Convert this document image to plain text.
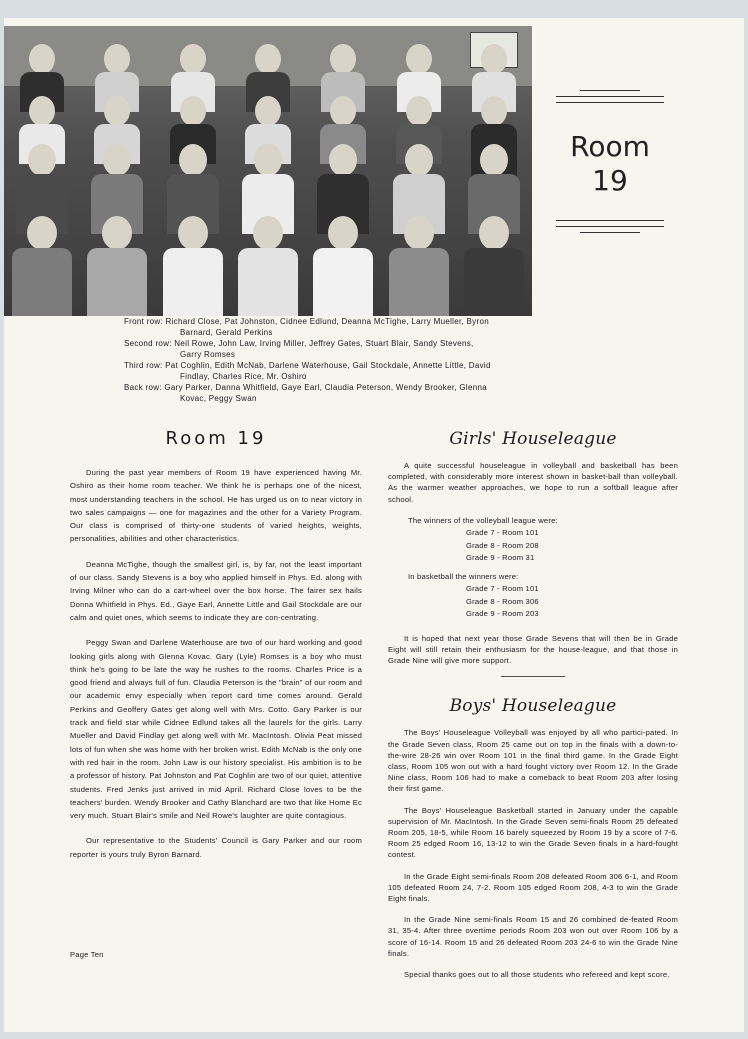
Room
19
Front row: Richard Close, Pat Johnston, Cidnee Edlund, Deanna McTighe, Larry Mueller, Byron
Barnard, Gerald Perkins
Second row: Neil Rowe, John Law, Irving Miller, Jeffrey Gates, Stuart Blair, Sandy Stevens,
Garry Romses
Third row: Pat Coghlin, Edith McNab, Darlene Waterhouse, Gail Stockdale, Annette Little, David
Findlay, Charles Rice, Mr. Oshiro
Back row: Gary Parker, Danna Whitfield, Gaye Earl, Claudia Peterson, Wendy Brooker, Glenna
Kovac, Peggy Swan
Room 19

During the past year members of Room 19 have experienced having Mr. Oshiro as their home room teacher. We think he is perhaps one of the nicest, most understanding teachers in the school. He has urged us on to near victory in two sales campaigns — one for magazines and the other for a Variety Program. Our class is comprised of thirty-one students of varied heights, weights, personalities, abilities and other characteristics.

Deanna McTighe, though the smallest girl, is, by far, not the least important of our class. Sandy Stevens is a boy who applied himself in Phys. Ed. along with Irving Milner who can do a cart-wheel over the box horse. The fairer sex hails Donna Whitfield in Phys. Ed., Gaye Earl, Annette Little and Gail Stockdale are our calm and quiet ones, which seems to indicate they are con-centrating.

Peggy Swan and Darlene Waterhouse are two of our hard working and good looking girls along with Glenna Kovac. Gary (Lyle) Romses is a boy who must think he's going to be late the way he rushes to the rooms. Charles Price is a good friend and always full of fun. Claudia Peterson is the "brain" of our room and our academic envy especially when report card time comes around. Gerald Perkins and Geoffery Gates get along well with Mrs. Cotto. Gary Parker is our track and field star while Cidnee Edlund takes all the laurels for the girls. Larry Mueller and David Findlay get along well with Mr. MacIntosh. Olivia Peat missed lots of fun when she was home with her broken wrist. Edith McNab is the only one with red hair in the room. John Law is our history specialist. His ambition is to be a professor of history. Pat Johnston and Pat Coghlin are two of our quiet, attentive students. Fred Jenks just arrived in mid April. Richard Close loves to be the teachers' burden. Wendy Brooker and Cathy Blanchard are two that like Home Ec very much. Stuart Blair's smile and Neil Rowe's laughter are quite contagious.

Our representative to the Students' Council is Gary Parker and our room reporter is yours truly Byron Barnard.

Girls' Houseleague

A quite successful houseleague in volleyball and basketball has been completed, with considerably more interest shown in basket-ball than volleyball. As the warmer weather approaches, we hope to run a softball league after school.

The winners of the volleyball league were:
Grade 7 - Room 101
Grade 8 - Room 208
Grade 9 - Room 31
In basketball the winners were:
Grade 7 - Room 101
Grade 8 - Room 306
Grade 9 - Room 203

It is hoped that next year those Grade Sevens that will then be in Grade Eight will still retain their enthusiasm for the house-league, and that those in Grade Nine will give more support.

Boys' Houseleague

The Boys' Houseleague Volleyball was enjoyed by all who partici-pated. In the Grade Seven class, Room 25 came out on top in the finals with a down-to-the-wire 28-26 win over Room 101 in the final third game. In the Grade Eight class, Room 105 won out with a hard fought victory over Room 12. In the Grade Nine class, Room 106 had to make a comeback to beat Room 203 after losing their first game.

The Boys' Houseleague Basketball started in January under the capable supervision of Mr. MacIntosh. In the Grade Seven semi-finals Room 25 defeated Room 205, 18-5, while Room 16 barely squeezed by Room 19 by a score of 7-6. Room 25 edged Room 16, 13-12 to win the Grade Seven finals in a hard-fought contest.

In the Grade Eight semi-finals Room 208 defeated Room 306 6-1, and Room 105 defeated Room 24, 7-2. Room 105 edged Room 208, 4-3 to win the Grade Eight finals.

In the Grade Nine semi-finals Room 15 and 26 combined de-feated Room 31, 35-4. After three overtime periods Room 203 won out over Room 106 by a score of 16-14. Room 15 and 26 defeated Room 203 24-6 to win the Grade Nine finals.

Special thanks goes out to all those students who refereed and kept score.

Page Ten
